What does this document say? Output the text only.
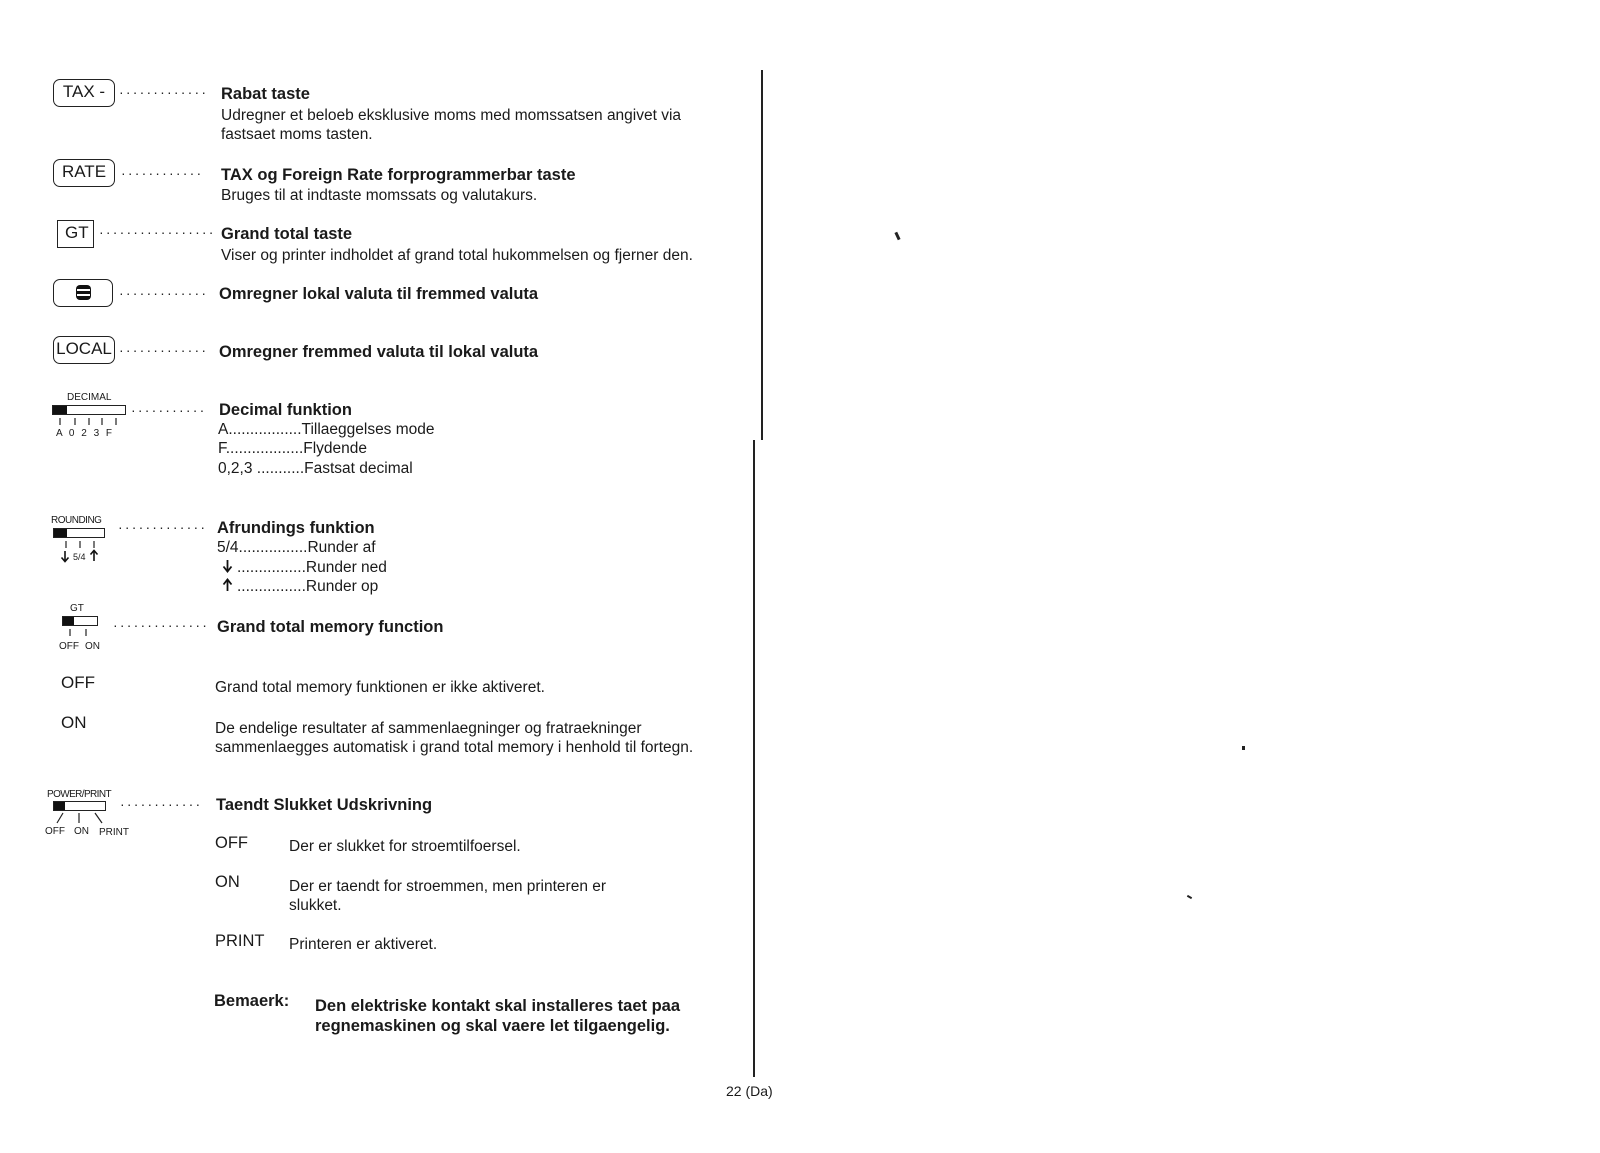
TAX - ············· Rabat taste
Udregner et beloeb eksklusive moms med momssatsen angivet via fastsaet moms tasten.
RATE	············ TAX og Foreign Rate forprogrammerbar taste
Bruges til at indtaste momssats og valutakurs.
GT ················· Grand total taste
Viser og printer indholdet af grand total hukommelsen og fjerner den.
············· Omregner lokal valuta til fremmed valuta
LOCAL ············· Omregner fremmed valuta til lokal valuta
DECIMAL
A 0 2 3 F
··········· Decimal funktion
A.................Tillaeggelses mode
F..................Flydende
0,2,3 ...........Fastsat decimal
ROUNDING
5/4
············· Afrundings funktion
5/4................Runder af
................Runder ned
................Runder op
GT
OFF ON
·············· Grand total memory function
OFF	Grand total memory funktionen er ikke aktiveret.
ON	De endelige resultater af sammenlaegninger og fratraekninger sammenlaegges automatisk i grand total memory i henhold til fortegn.
POWER/PRINT
OFF ON PRINT
············ Taendt Slukket Udskrivning
OFF	Der er slukket for stroemtilfoersel.
ON	Der er taendt for stroemmen, men printeren er slukket.
PRINT Printeren er aktiveret.
Bemaerk: Den elektriske kontakt skal installeres taet paa regnemaskinen og skal vaere let tilgaengelig.
22 (Da)
